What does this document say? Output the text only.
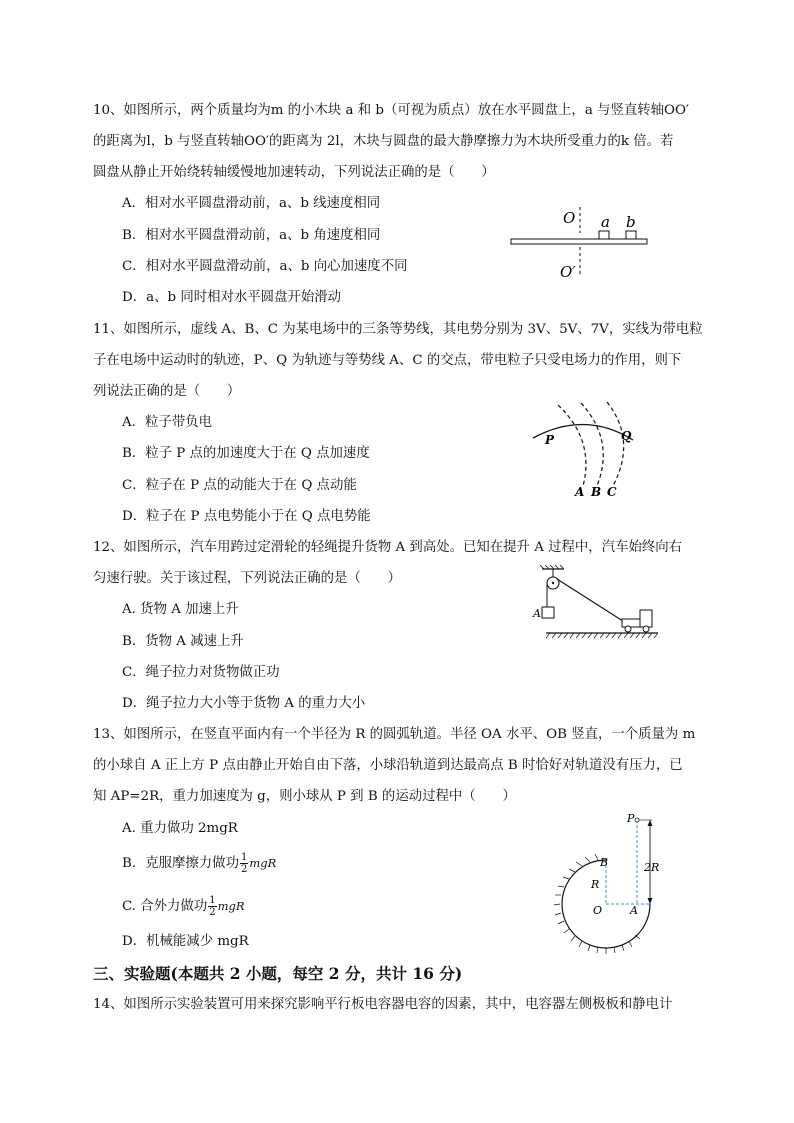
10、如图所示，两个质量均为m 的小木块 a 和 b（可视为质点）放在水平圆盘上，a 与竖直转轴OO′
的距离为l，b 与竖直转轴OO′的距离为 2l，木块与圆盘的最大静摩擦力为木块所受重力的k 倍。若
圆盘从静止开始绕转轴缓慢地加速转动，下列说法正确的是（　　）
A．相对水平圆盘滑动前，a、b 线速度相同
B．相对水平圆盘滑动前，a、b 角速度相同
C．相对水平圆盘滑动前，a、b 向心加速度不同
D．a、b 同时相对水平圆盘开始滑动
O a b
O′
11、如图所示，虚线 A、B、C 为某电场中的三条等势线，其电势分别为 3V、5V、7V，实线为带电粒
子在电场中运动时的轨迹，P、Q 为轨迹与等势线 A、C 的交点，带电粒子只受电场力的作用，则下
列说法正确的是（　　）
A．粒子带负电
B．粒子 P 点的加速度大于在 Q 点加速度
C．粒子在 P 点的动能大于在 Q 点动能
D．粒子在 P 点电势能小于在 Q 点电势能
P	Q
A B C
12、如图所示，汽车用跨过定滑轮的轻绳提升货物 A 到高处。已知在提升 A 过程中，汽车始终向右
匀速行驶。关于该过程，下列说法正确的是（　　）
A. 货物 A 加速上升
B．货物 A 减速上升
C．绳子拉力对货物做正功
D．绳子拉力大小等于货物 A 的重力大小
A
13、如图所示，在竖直平面内有一个半径为 R 的圆弧轨道。半径 OA 水平、OB 竖直，一个质量为 m
的小球自 A 正上方 P 点由静止开始自由下落，小球沿轨道到达最高点 B 时恰好对轨道没有压力，已
知 AP=2R，重力加速度为 g，则小球从 P 到 B 的运动过程中（　　）
A. 重力做功 2mgR
B．克服摩擦力做功 $\frac{1}{2}$ mgR
C. 合外力做功 $\frac{1}{2}$ mgR
D．机械能减少 mgR
P
B
R
2R
O	A
三、实验题(本题共 2 小题，每空 2 分，共计 16 分)
14、如图所示实验装置可用来探究影响平行板电容器电容的因素，其中，电容器左侧极板和静电计
